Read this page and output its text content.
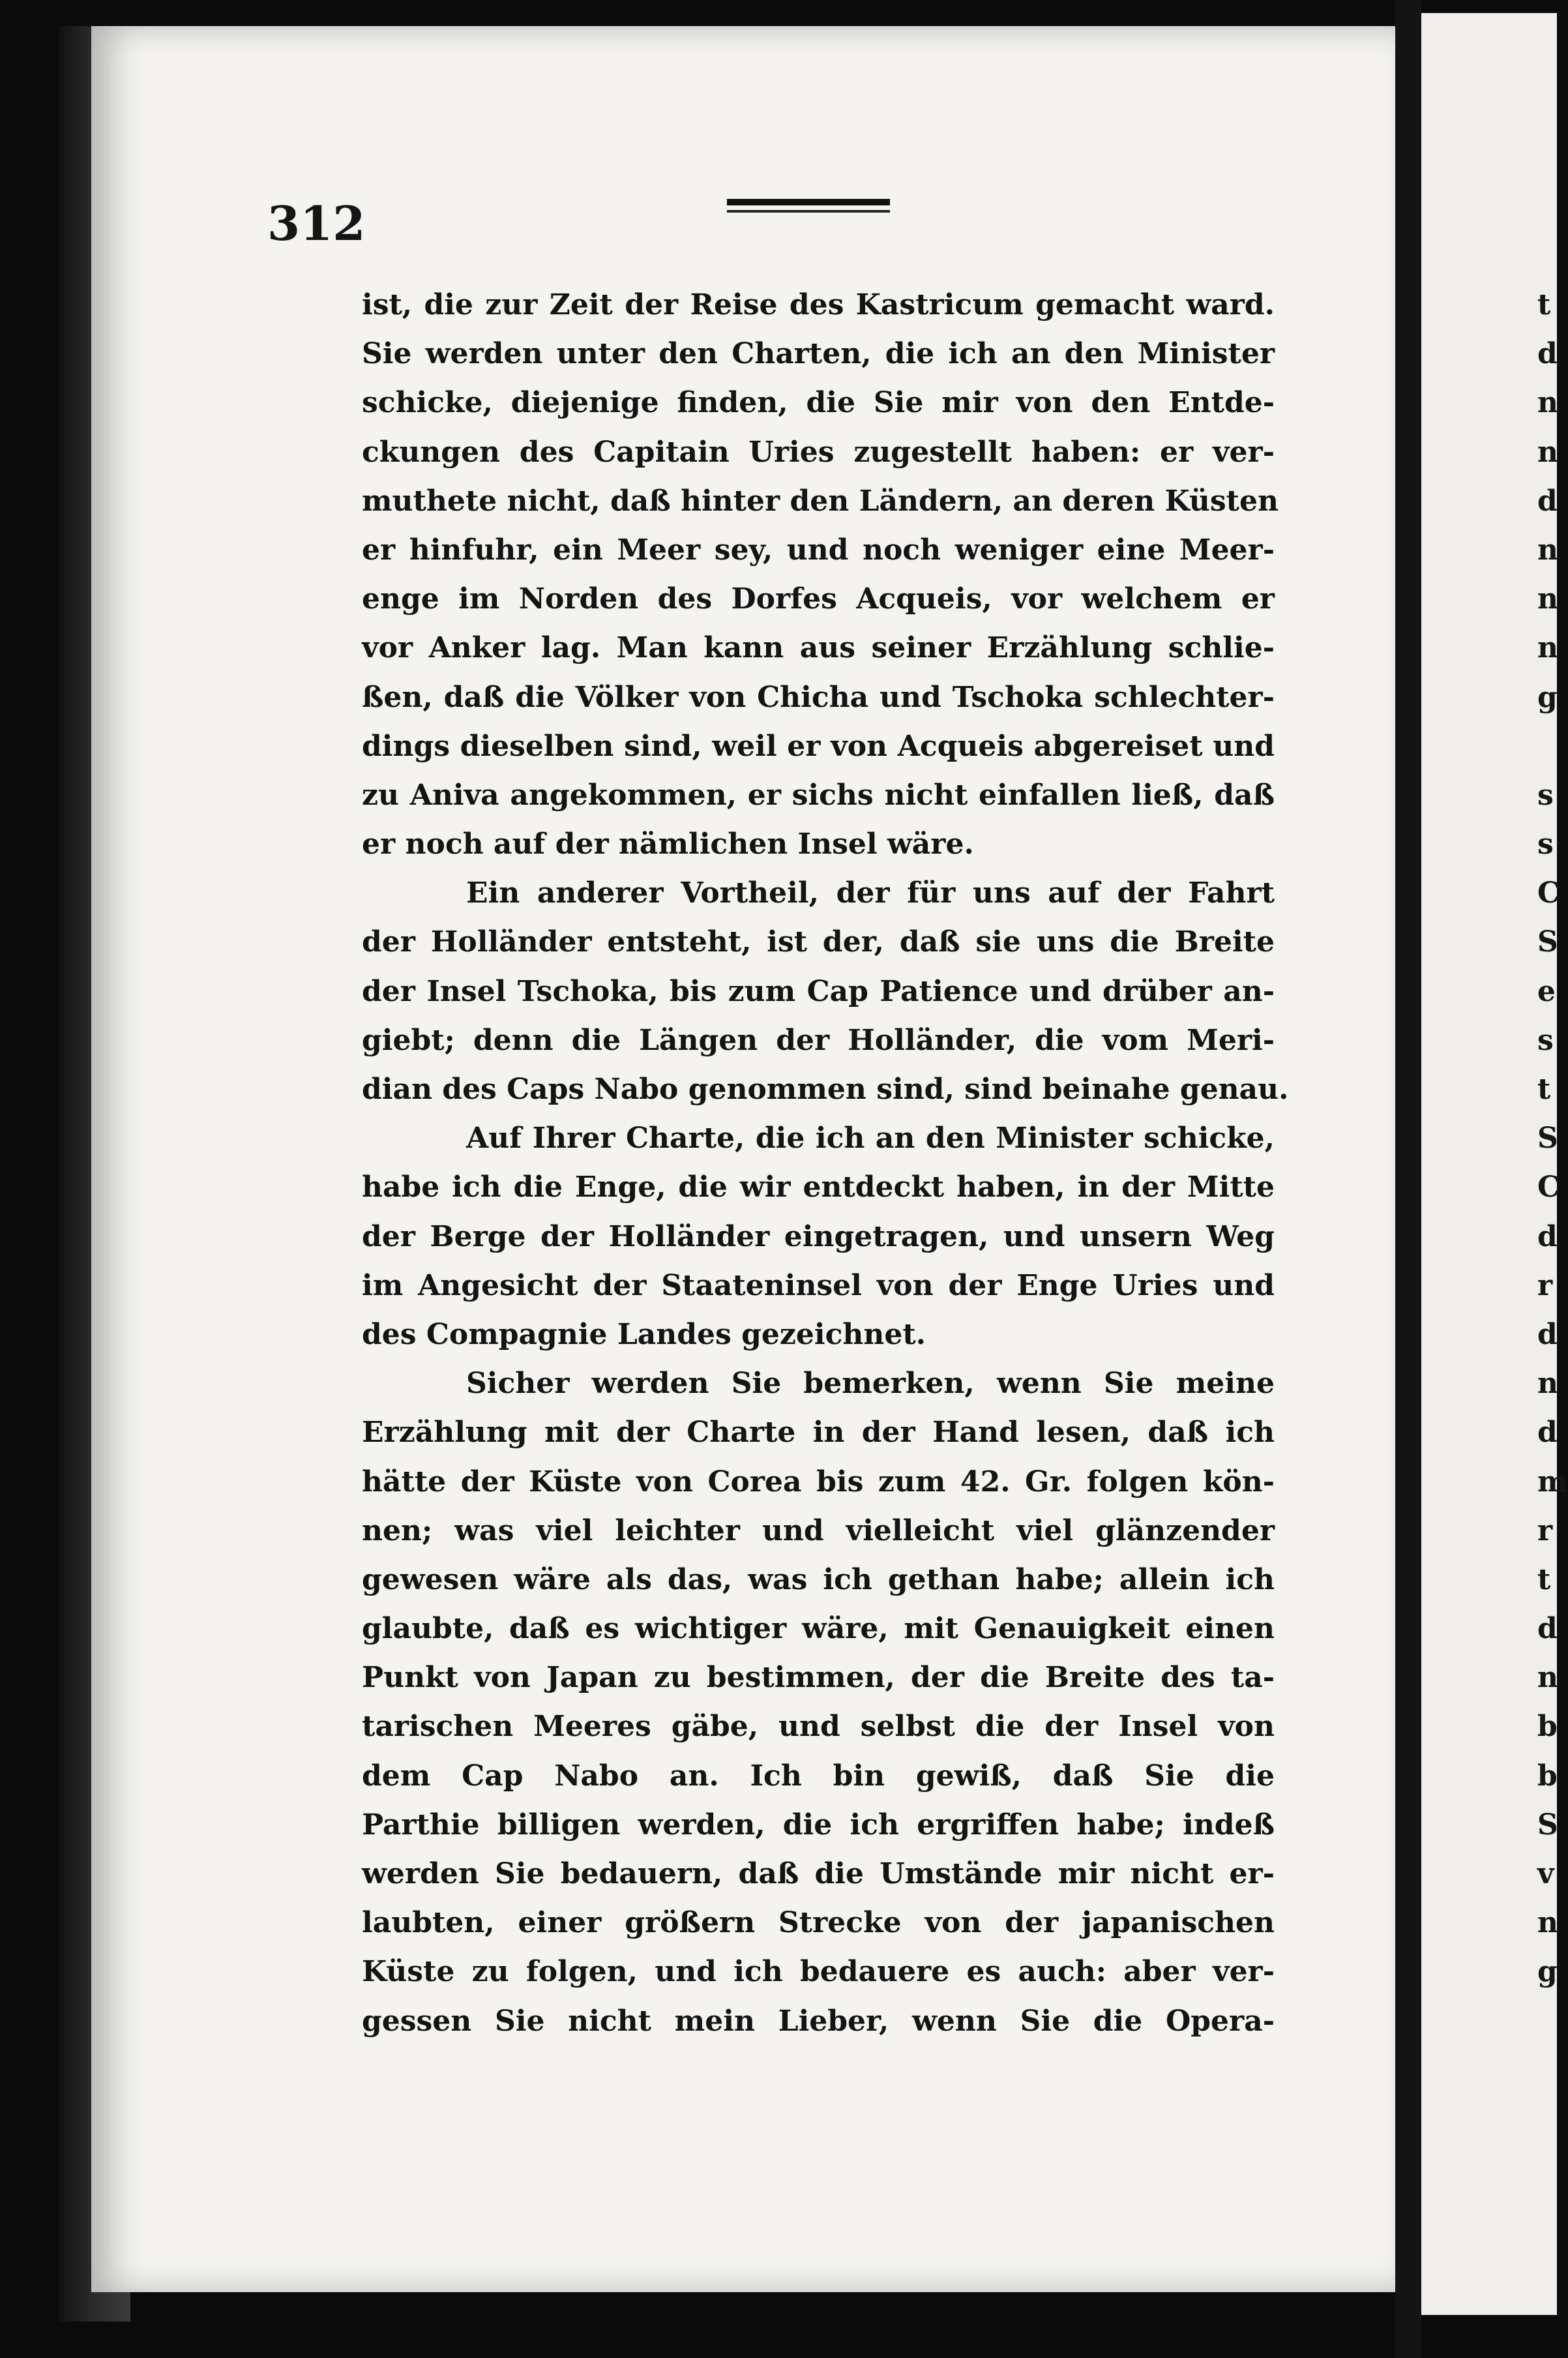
312

ist, die zur Zeit der Reise des Kastricum gemacht ward.
Sie werden unter den Charten, die ich an den Minister
schicke, diejenige finden, die Sie mir von den Entde-
ckungen des Capitain Uries zugestellt haben: er ver-
muthete nicht, daß hinter den Ländern, an deren Küsten
er hinfuhr, ein Meer sey, und noch weniger eine Meer-
enge im Norden des Dorfes Acqueis, vor welchem er
vor Anker lag. Man kann aus seiner Erzählung schlie-
ßen, daß die Völker von Chicha und Tschoka schlechter-
dings dieselben sind, weil er von Acqueis abgereiset und
zu Aniva angekommen, er sichs nicht einfallen ließ, daß
er noch auf der nämlichen Insel wäre.
Ein anderer Vortheil, der für uns auf der Fahrt
der Holländer entsteht, ist der, daß sie uns die Breite
der Insel Tschoka, bis zum Cap Patience und drüber an-
giebt; denn die Längen der Holländer, die vom Meri-
dian des Caps Nabo genommen sind, sind beinahe genau.
Auf Ihrer Charte, die ich an den Minister schicke,
habe ich die Enge, die wir entdeckt haben, in der Mitte
der Berge der Holländer eingetragen, und unsern Weg
im Angesicht der Staateninsel von der Enge Uries und
des Compagnie Landes gezeichnet.
Sicher werden Sie bemerken, wenn Sie meine
Erzählung mit der Charte in der Hand lesen, daß ich
hätte der Küste von Corea bis zum 42. Gr. folgen kön-
nen; was viel leichter und vielleicht viel glänzender
gewesen wäre als das, was ich gethan habe; allein ich
glaubte, daß es wichtiger wäre, mit Genauigkeit einen
Punkt von Japan zu bestimmen, der die Breite des ta-
tarischen Meeres gäbe, und selbst die der Insel von
dem Cap Nabo an. Ich bin gewiß, daß Sie die
Parthie billigen werden, die ich ergriffen habe; indeß
werden Sie bedauern, daß die Umstände mir nicht er-
laubten, einer größern Strecke von der japanischen
Küste zu folgen, und ich bedauere es auch: aber ver-
gessen Sie nicht mein Lieber, wenn Sie die Opera-
t
d
n
n
d
n
n
n
g
s
s
C
S
e
s
t
S
C
d
r
d
n
d
m
r
t
d
n
b
b
S
v
n
g
